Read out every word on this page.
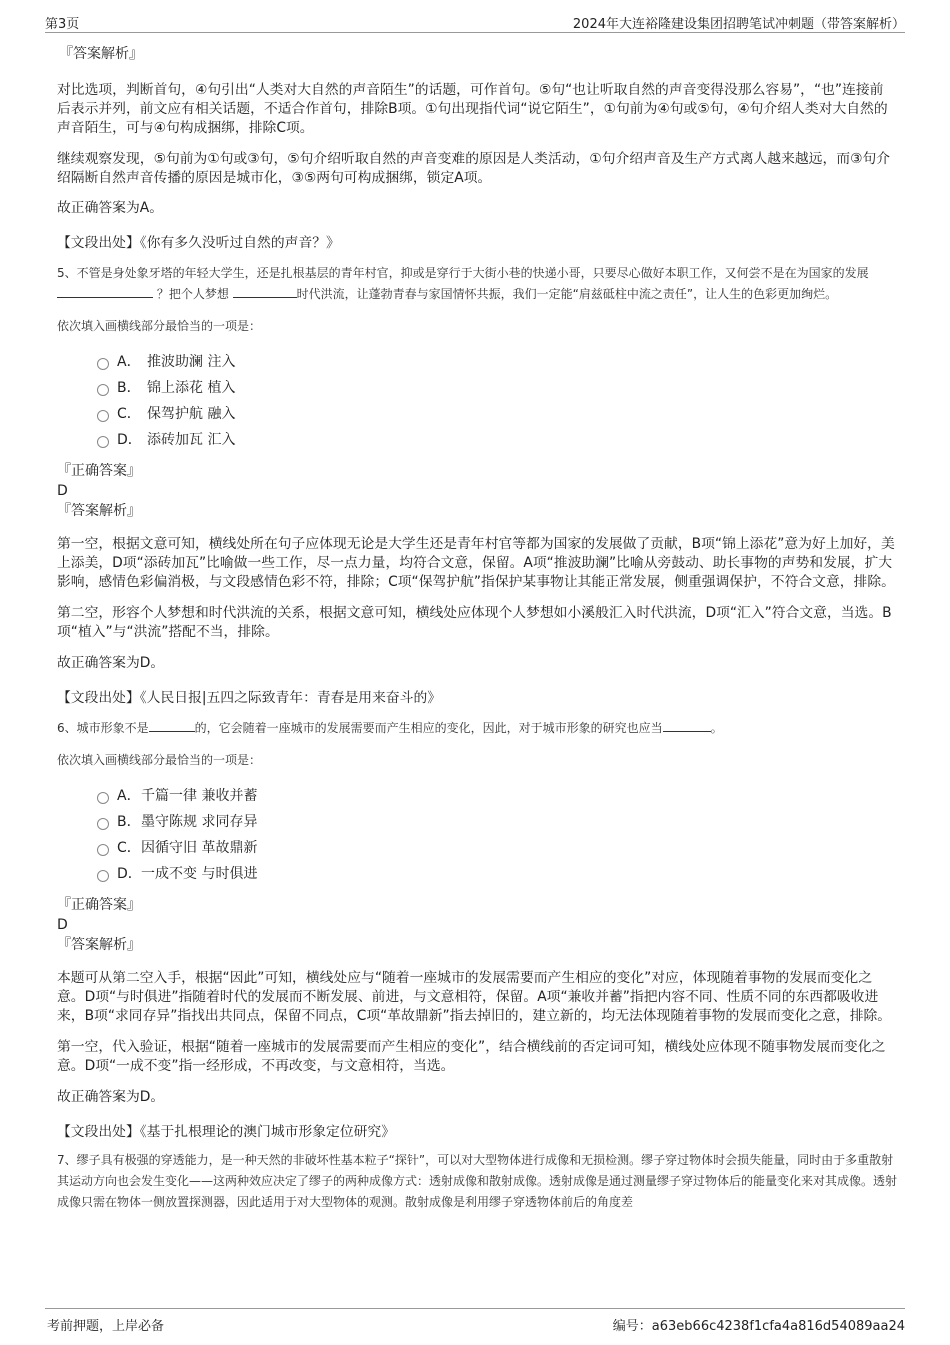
第3页	2024年大连裕隆建设集团招聘笔试冲刺题（带答案解析）

『答案解析』

对比选项，判断首句，④句引出“人类对大自然的声音陌生”的话题，可作首句。⑤句“也让听取自然的声音变得没那么容易”，“也”连接前后表示并列，前文应有相关话题，不适合作首句，排除B项。①句出现指代词“说它陌生”，①句前为④句或⑤句，④句介绍人类对大自然的声音陌生，可与④句构成捆绑，排除C项。

继续观察发现，⑤句前为①句或③句，⑤句介绍听取自然的声音变难的原因是人类活动，①句介绍声音及生产方式离人越来越远，而③句介绍隔断自然声音传播的原因是城市化，③⑤两句可构成捆绑，锁定A项。

故正确答案为A。

【文段出处】《你有多久没听过自然的声音？》

5、不管是身处象牙塔的年轻大学生，还是扎根基层的青年村官，抑或是穿行于大街小巷的快递小哥，只要尽心做好本职工作，又何尝不是在为国家的发展  ？把个人梦想	时代洪流，让蓬勃青春与家国情怀共振，我们一定能“肩兹砥柱中流之责任”，让人生的色彩更加绚烂。

依次填入画横线部分最恰当的一项是：

A． 推波助澜 注入
B． 锦上添花 植入
C． 保驾护航 融入
D． 添砖加瓦 汇入

『正确答案』

D

『答案解析』

第一空，根据文意可知，横线处所在句子应体现无论是大学生还是青年村官等都为国家的发展做了贡献，B项“锦上添花”意为好上加好，美上添美，D项“添砖加瓦”比喻做一些工作，尽一点力量，均符合文意，保留。A项“推波助澜”比喻从旁鼓动、助长事物的声势和发展，扩大影响，感情色彩偏消极，与文段感情色彩不符，排除；C项“保驾护航”指保护某事物让其能正常发展，侧重强调保护，不符合文意，排除。

第二空，形容个人梦想和时代洪流的关系，根据文意可知，横线处应体现个人梦想如小溪般汇入时代洪流，D项“汇入”符合文意，当选。B项“植入”与“洪流”搭配不当，排除。

故正确答案为D。

【文段出处】《人民日报|五四之际致青年：青春是用来奋斗的》

6、城市形象不是	的，它会随着一座城市的发展需要而产生相应的变化，因此，对于城市形象的研究也应当	。

依次填入画横线部分最恰当的一项是：

A． 千篇一律 兼收并蓄
B． 墨守陈规 求同存异
C． 因循守旧 革故鼎新
D． 一成不变 与时俱进

『正确答案』

D

『答案解析』

本题可从第二空入手，根据“因此”可知，横线处应与“随着一座城市的发展需要而产生相应的变化”对应，体现随着事物的发展而变化之意。D项“与时俱进”指随着时代的发展而不断发展、前进，与文意相符，保留。A项“兼收并蓄”指把内容不同、性质不同的东西都吸收进来，B项“求同存异”指找出共同点，保留不同点，C项“革故鼎新”指去掉旧的，建立新的，均无法体现随着事物的发展而变化之意，排除。

第一空，代入验证，根据“随着一座城市的发展需要而产生相应的变化”，结合横线前的否定词可知，横线处应体现不随事物发展而变化之意。D项“一成不变”指一经形成，不再改变，与文意相符，当选。

故正确答案为D。

【文段出处】《基于扎根理论的澳门城市形象定位研究》

7、缪子具有极强的穿透能力，是一种天然的非破坏性基本粒子“探针”，可以对大型物体进行成像和无损检测。缪子穿过物体时会损失能量，同时由于多重散射其运动方向也会发生变化——这两种效应决定了缪子的两种成像方式：透射成像和散射成像。透射成像是通过测量缪子穿过物体后的能量变化来对其成像。透射成像只需在物体一侧放置探测器，因此适用于对大型物体的观测。散射成像是利用缪子穿透物体前后的角度差

考前押题，上岸必备	编号：a63eb66c4238f1cfa4a816d54089aa24
